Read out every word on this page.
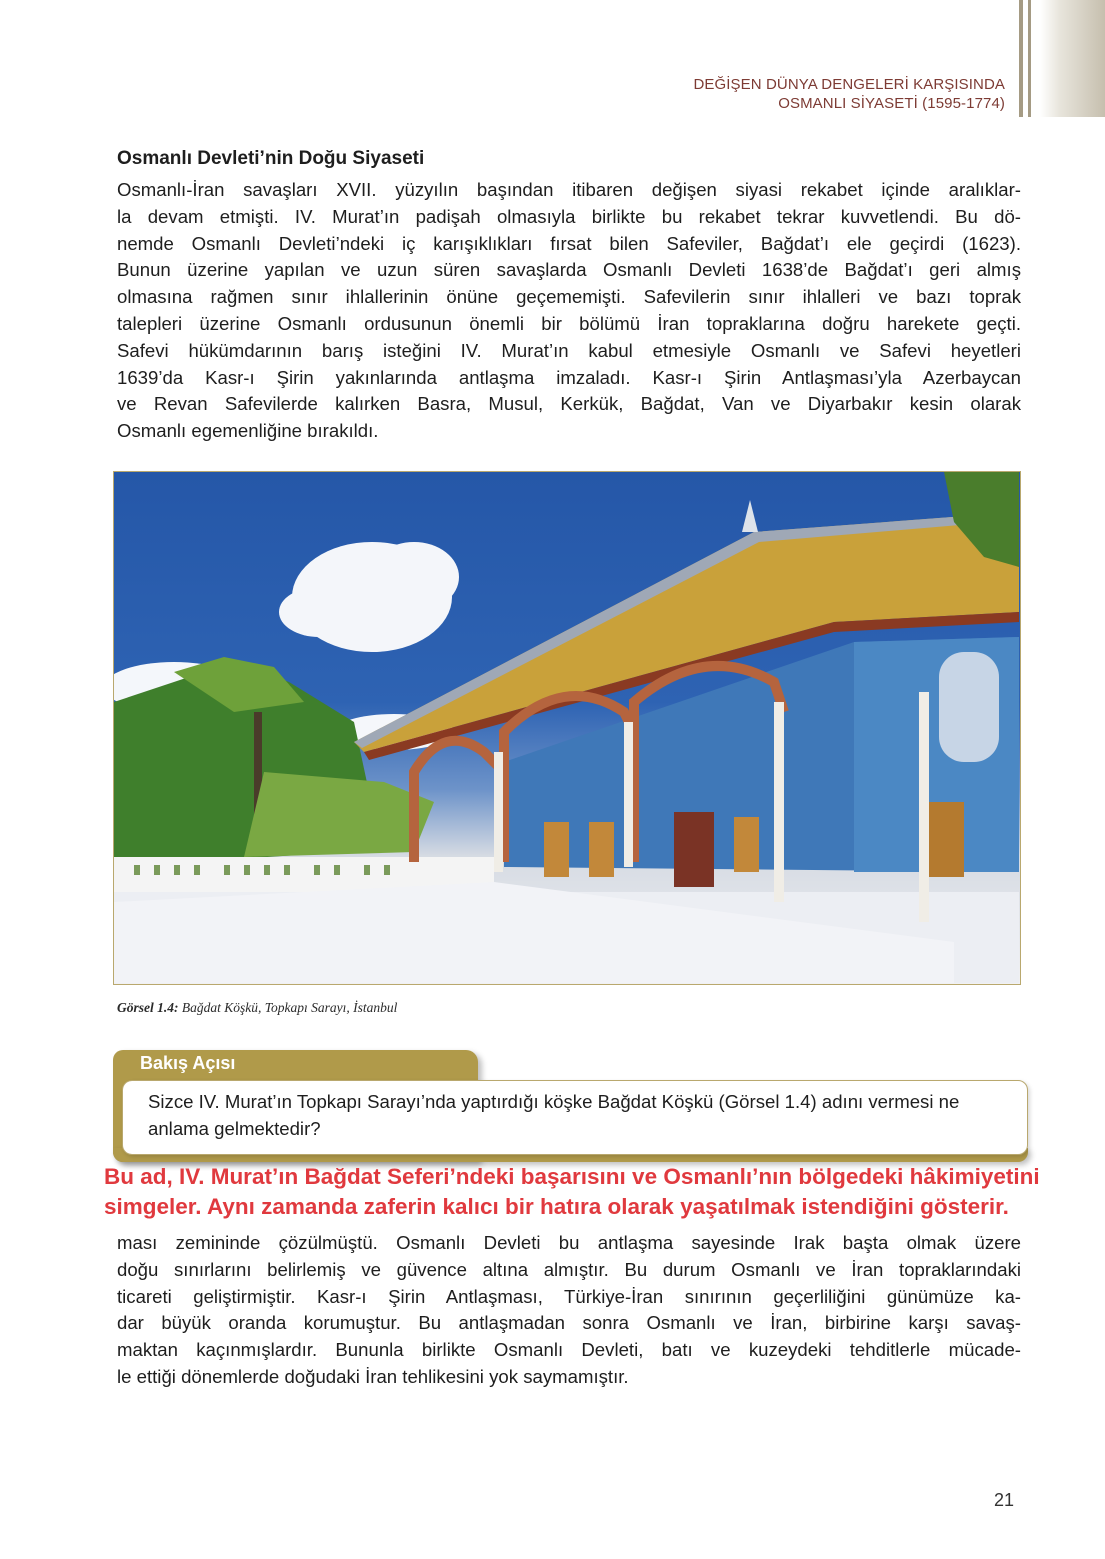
DEĞİŞEN DÜNYA DENGELERİ KARŞISINDA
OSMANLI SİYASETİ (1595-1774)
Osmanlı Devleti’nin Doğu Siyaseti
Osmanlı-İran savaşları XVII. yüzyılın başından itibaren değişen siyasi rekabet içinde aralıklar-
la devam etmişti. IV. Murat’ın padişah olmasıyla birlikte bu rekabet tekrar kuvvetlendi. Bu dö-
nemde Osmanlı Devleti’ndeki iç karışıklıkları fırsat bilen Safeviler, Bağdat’ı ele geçirdi (1623).
Bunun üzerine yapılan ve uzun süren savaşlarda Osmanlı Devleti 1638’de Bağdat’ı geri almış
olmasına rağmen sınır ihlallerinin önüne geçememişti. Safevilerin sınır ihlalleri ve bazı toprak
talepleri üzerine Osmanlı ordusunun önemli bir bölümü İran topraklarına doğru harekete geçti.
Safevi hükümdarının barış isteğini IV. Murat’ın kabul etmesiyle Osmanlı ve Safevi heyetleri
1639’da Kasr-ı Şirin yakınlarında antlaşma imzaladı. Kasr-ı Şirin Antlaşması’yla Azerbaycan
ve Revan Safevilerde kalırken Basra, Musul, Kerkük, Bağdat, Van ve Diyarbakır kesin olarak
Osmanlı egemenliğine bırakıldı.
Görsel 1.4: Bağdat Köşkü, Topkapı Sarayı, İstanbul
Bakış Açısı
Sizce IV. Murat’ın Topkapı Sarayı’nda yaptırdığı köşke Bağdat Köşkü (Görsel 1.4) adını vermesi ne anlama gelmektedir?
Bu ad, IV. Murat’ın Bağdat Seferi’ndeki başarısını ve Osmanlı’nın bölgedeki hâkimiyetini simgeler. Aynı zamanda zaferin kalıcı bir hatıra olarak yaşatılmak istendiğini gösterir.
ması zemininde çözülmüştü. Osmanlı Devleti bu antlaşma sayesinde Irak başta olmak üzere
doğu sınırlarını belirlemiş ve güvence altına almıştır. Bu durum Osmanlı ve İran topraklarındaki
ticareti geliştirmiştir. Kasr-ı Şirin Antlaşması, Türkiye-İran sınırının geçerliliğini günümüze ka-
dar büyük oranda korumuştur. Bu antlaşmadan sonra Osmanlı ve İran, birbirine karşı savaş-
maktan kaçınmışlardır. Bununla birlikte Osmanlı Devleti, batı ve kuzeydeki tehditlerle mücade-
le ettiği dönemlerde doğudaki İran tehlikesini yok saymamıştır.
21
